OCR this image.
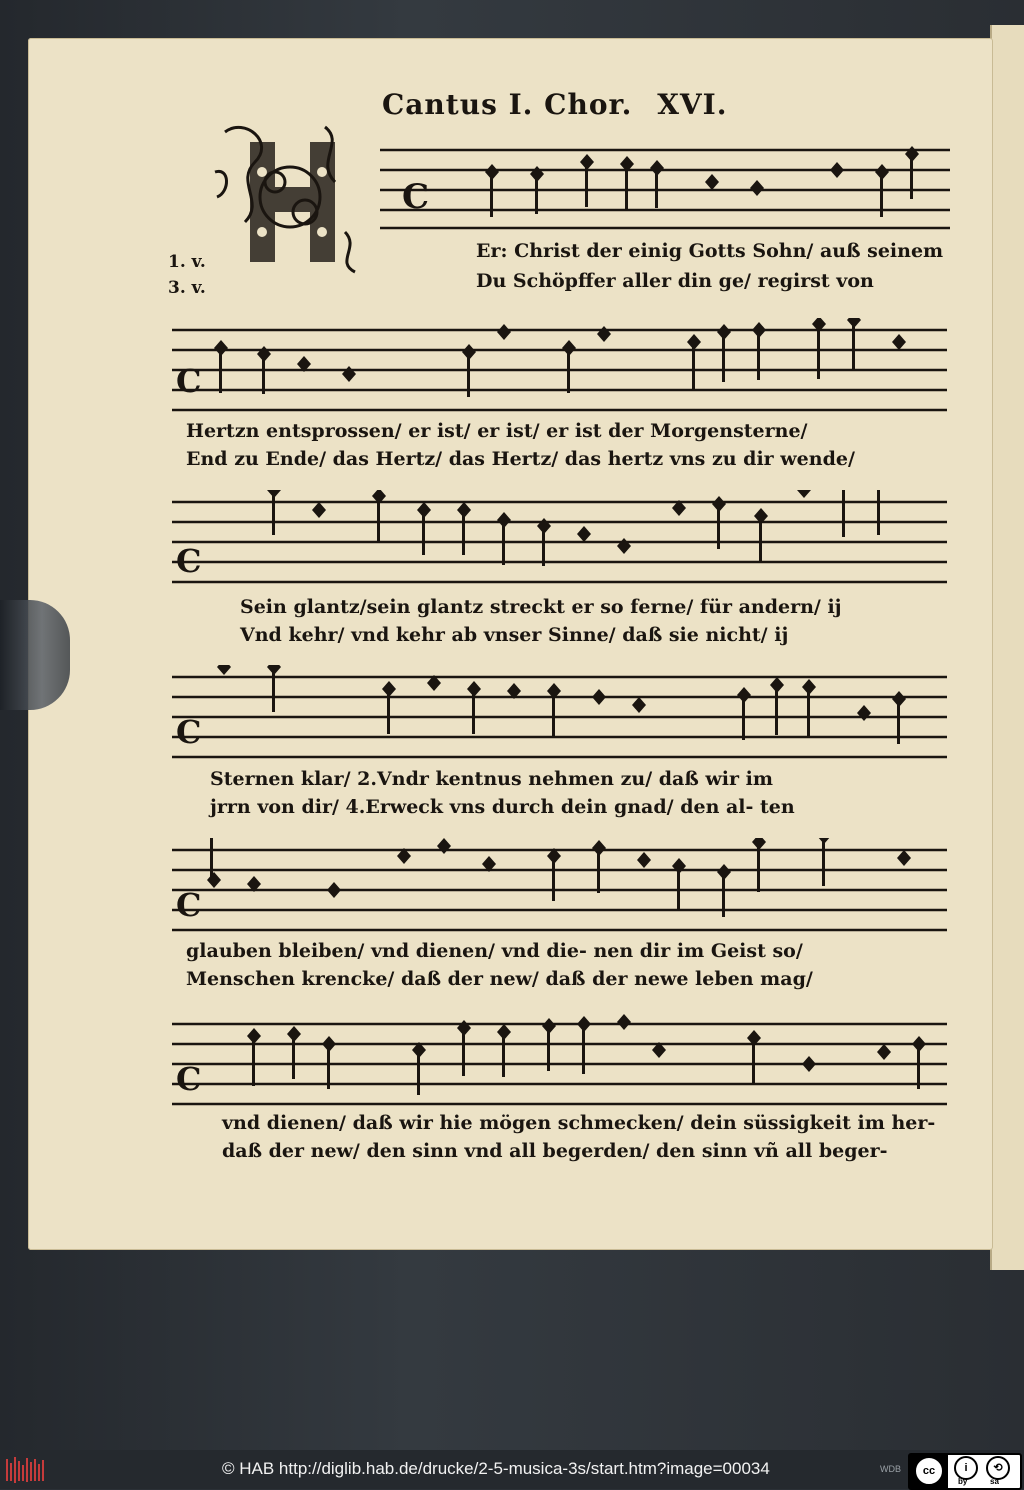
Cantus I. Chor. XVI.
1. v.
3. v.
C
Er: Christ der einig Gotts Sohn/ auß seinem
Du Schöpffer aller din ge/ regirst von
C
Hertzn entsprossen/ er ist/ er ist/ er ist der Morgensterne/
End zu Ende/ das Hertz/ das Hertz/ das hertz vns zu dir wende/
C
Sein glantz/sein glantz streckt er so ferne/ für andern/ ij
Vnd kehr/ vnd kehr ab vnser Sinne/ daß sie nicht/ ij
C
Sternen klar/ 2.Vndr kentnus nehmen zu/ daß wir im
jrrn von dir/ 4.Erweck vns durch dein gnad/ den al- ten
C
glauben bleiben/ vnd dienen/ vnd die- nen dir im Geist so/
Menschen krencke/ daß der new/ daß der newe leben mag/
C
vnd dienen/ daß wir hie mögen schmecken/ dein süssigkeit im her-
daß der new/ den sinn vnd all begerden/ den sinn vñ all beger-
© HAB http://diglib.hab.de/drucke/2-5-musica-3s/start.htm?image=00034	WDB	cc	i
by
⟲
sa
